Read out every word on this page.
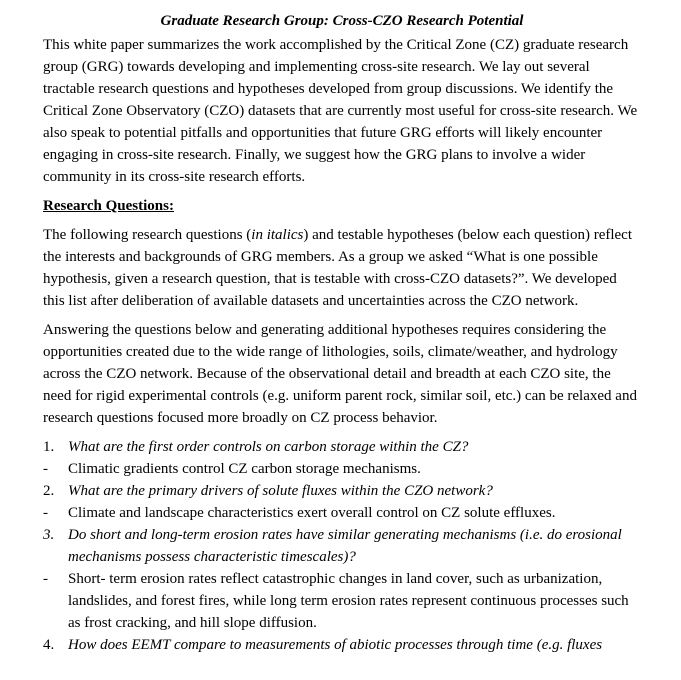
Graduate Research Group: Cross-CZO Research Potential

This white paper summarizes the work accomplished by the Critical Zone (CZ) graduate research group (GRG) towards developing and implementing cross-site research. We lay out several tractable research questions and hypotheses developed from group discussions. We identify the Critical Zone Observatory (CZO) datasets that are currently most useful for cross-site research. We also speak to potential pitfalls and opportunities that future GRG efforts will likely encounter engaging in cross-site research. Finally, we suggest how the GRG plans to involve a wider community in its cross-site research efforts.

Research Questions:

The following research questions (in italics) and testable hypotheses (below each question) reflect the interests and backgrounds of GRG members. As a group we asked “What is one possible hypothesis, given a research question, that is testable with cross-CZO datasets?”. We developed this list after deliberation of available datasets and uncertainties across the CZO network.

Answering the questions below and generating additional hypotheses requires considering the opportunities created due to the wide range of lithologies, soils, climate/weather, and hydrology across the CZO network. Because of the observational detail and breadth at each CZO site, the need for rigid experimental controls (e.g. uniform parent rock, similar soil, etc.) can be relaxed and research questions focused more broadly on CZ process behavior.

1. What are the first order controls on carbon storage within the CZ?
-	Climatic gradients control CZ carbon storage mechanisms.
2. What are the primary drivers of solute fluxes within the CZO network?
-	Climate and landscape characteristics exert overall control on CZ solute effluxes.
3. Do short and long-term erosion rates have similar generating mechanisms (i.e. do erosional mechanisms possess characteristic timescales)?
-	Short- term erosion rates reflect catastrophic changes in land cover, such as urbanization, landslides, and forest fires, while long term erosion rates represent continuous processes such as frost cracking, and hill slope diffusion.
4. How does EEMT compare to measurements of abiotic processes through time (e.g. fluxes
